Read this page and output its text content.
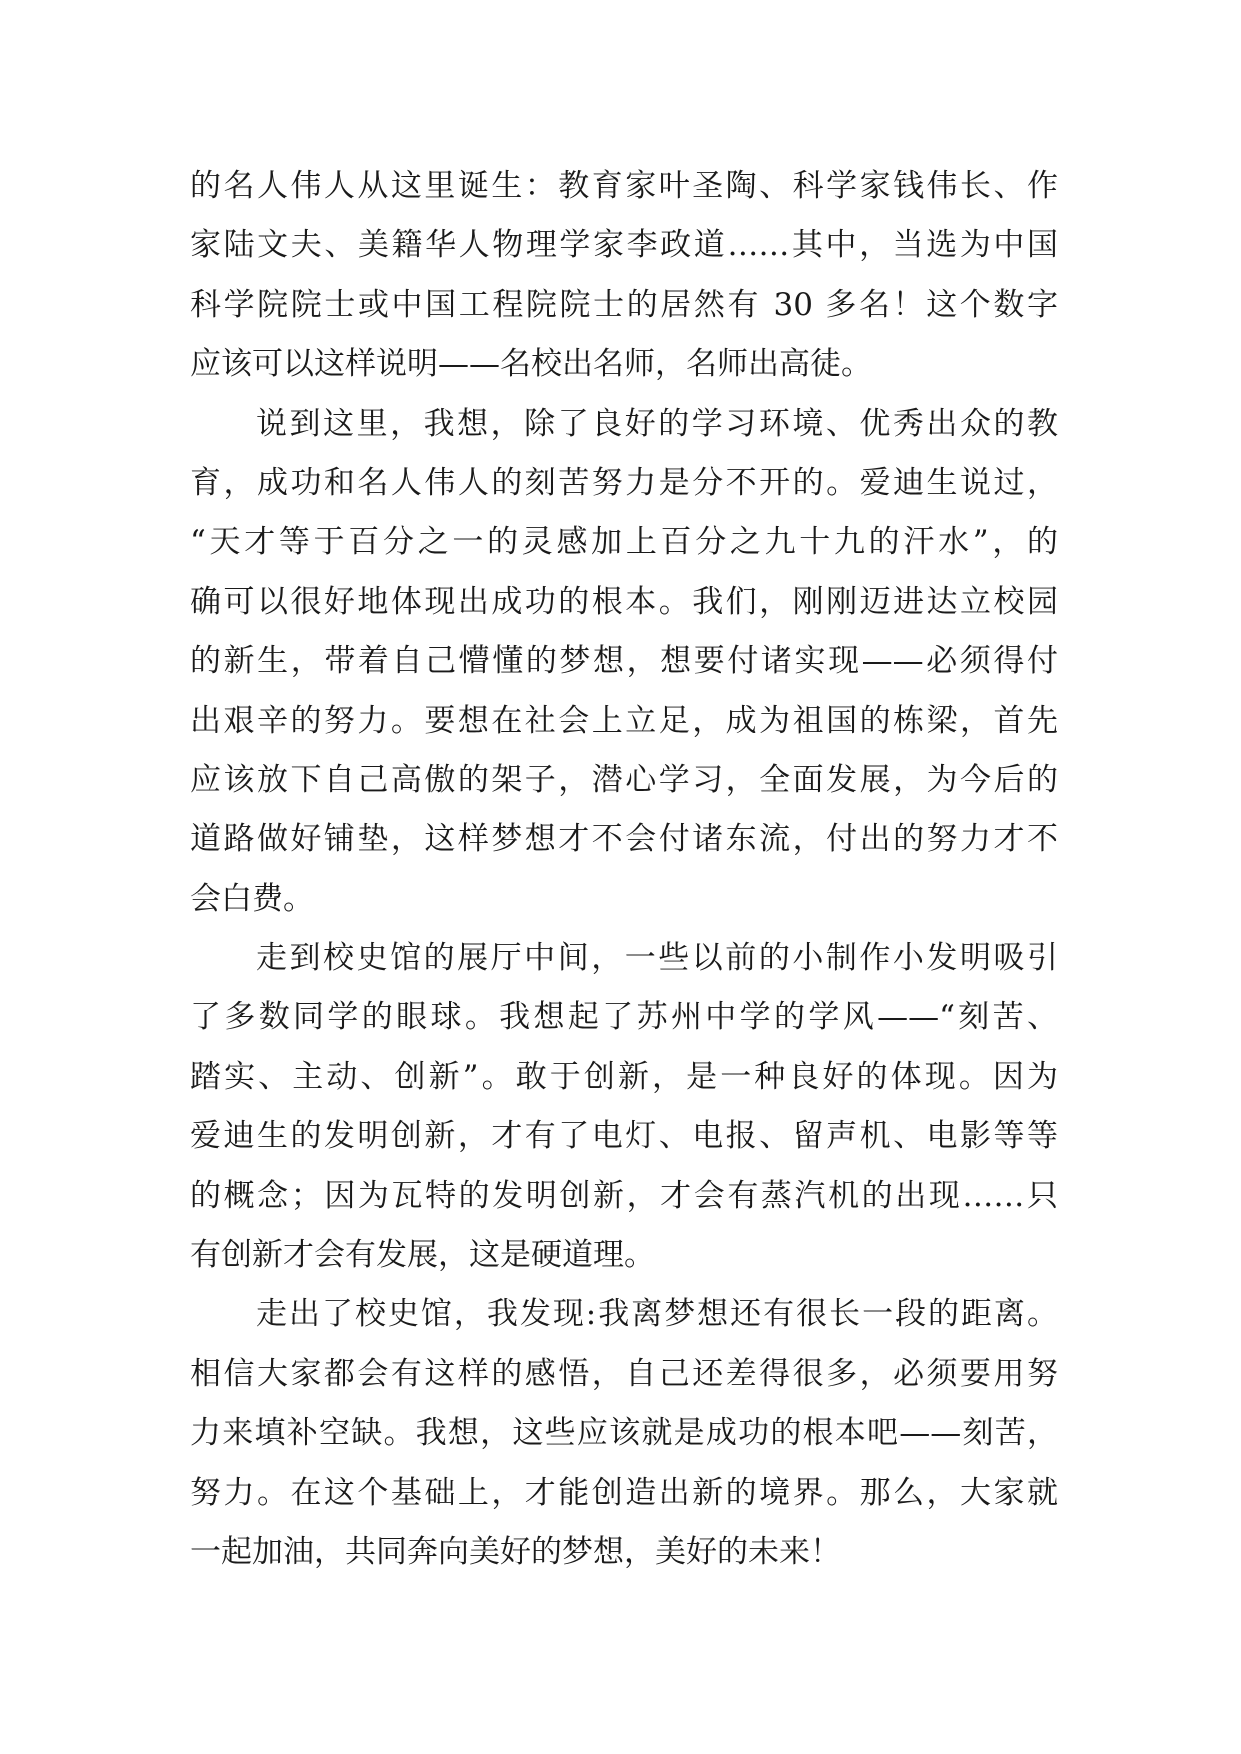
的名人伟人从这里诞生：教育家叶圣陶、科学家钱伟长、作
家陆文夫、美籍华人物理学家李政道……其中，当选为中国
科学院院士或中国工程院院士的居然有 30 多名！这个数字
应该可以这样说明——名校出名师，名师出高徒。
说到这里，我想，除了良好的学习环境、优秀出众的教
育，成功和名人伟人的刻苦努力是分不开的。爱迪生说过，
“天才等于百分之一的灵感加上百分之九十九的汗水”，的
确可以很好地体现出成功的根本。我们，刚刚迈进达立校园
的新生，带着自己懵懂的梦想，想要付诸实现——必须得付
出艰辛的努力。要想在社会上立足，成为祖国的栋梁，首先
应该放下自己高傲的架子，潜心学习，全面发展，为今后的
道路做好铺垫，这样梦想才不会付诸东流，付出的努力才不
会白费。
走到校史馆的展厅中间，一些以前的小制作小发明吸引
了多数同学的眼球。我想起了苏州中学的学风——“刻苦、
踏实、主动、创新”。敢于创新，是一种良好的体现。因为
爱迪生的发明创新，才有了电灯、电报、留声机、电影等等
的概念；因为瓦特的发明创新，才会有蒸汽机的出现……只
有创新才会有发展，这是硬道理。
走出了校史馆，我发现:我离梦想还有很长一段的距离。
相信大家都会有这样的感悟，自己还差得很多，必须要用努
力来填补空缺。我想，这些应该就是成功的根本吧——刻苦，
努力。在这个基础上，才能创造出新的境界。那么，大家就
一起加油，共同奔向美好的梦想，美好的未来！
